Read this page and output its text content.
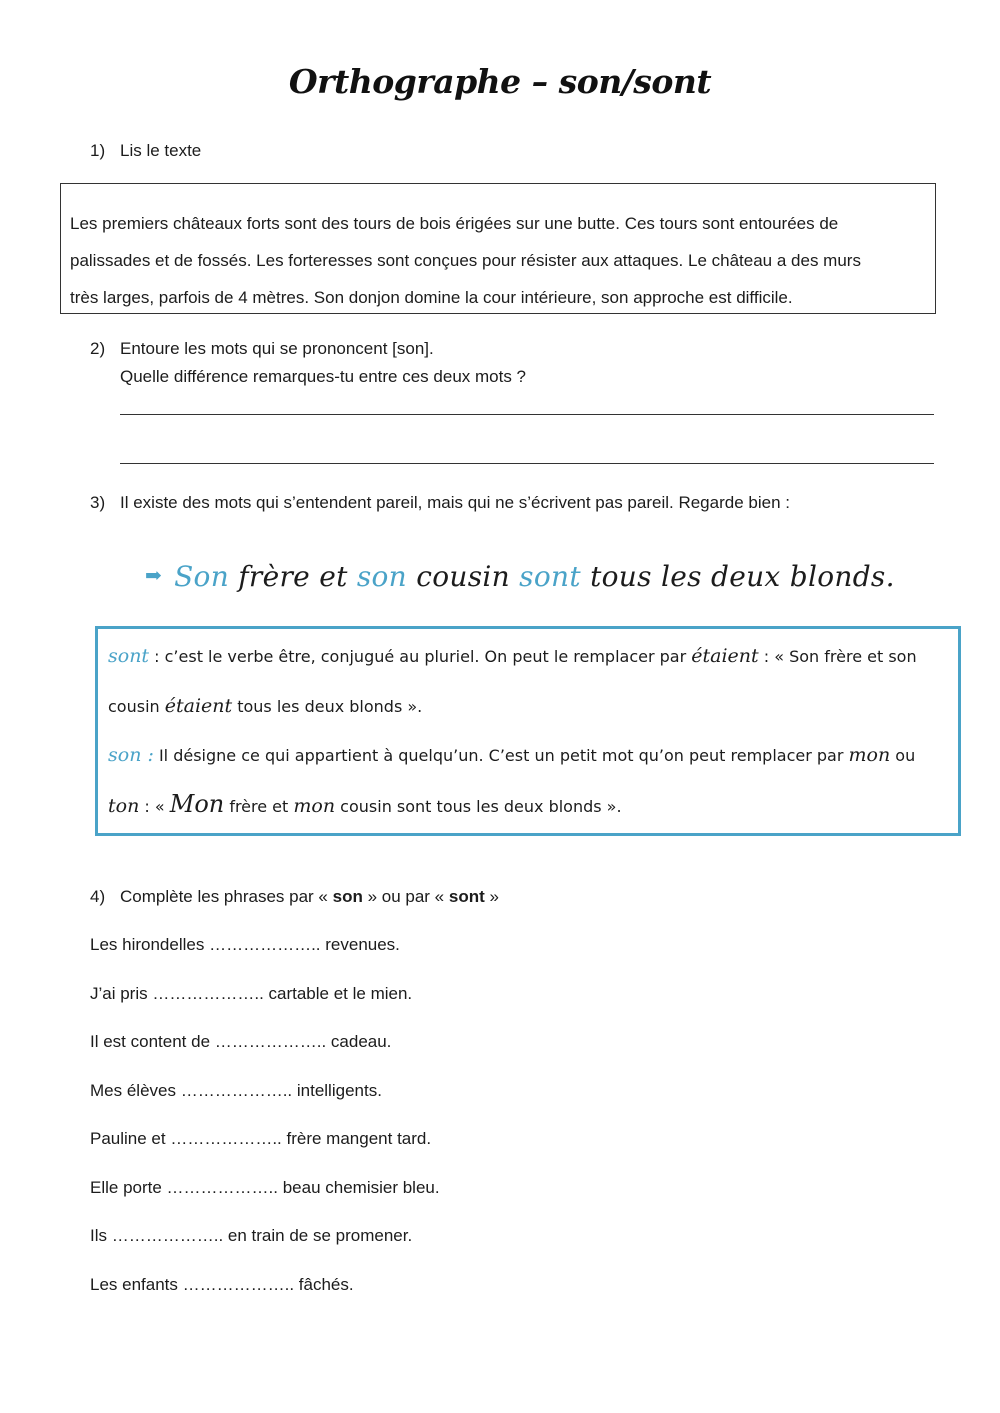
Orthographe – son/sont
1) Lis le texte

Les premiers châteaux forts sont des tours de bois érigées sur une butte. Ces tours sont entourées de

palissades et de fossés. Les forteresses sont conçues pour résister aux attaques. Le château a des murs

très larges, parfois de 4 mètres. Son donjon domine la cour intérieure, son approche est difficile.

2) Entoure les mots qui se prononcent [son].
Quelle différence remarques-tu entre ces deux mots ?
3) Il existe des mots qui s’entendent pareil, mais qui ne s’écrivent pas pareil. Regarde bien :
➡ Son frère et son cousin sont tous les deux blonds.
sont : c’est le verbe être, conjugué au pluriel. On peut le remplacer par étaient : « Son frère et son
cousin étaient tous les deux blonds ».
son : Il désigne ce qui appartient à quelqu’un. C’est un petit mot qu’on peut remplacer par mon ou
ton : « Mon frère et mon cousin sont tous les deux blonds ».
4) Complète les phrases par « son » ou par « sont »
Les hirondelles ……………….. revenues.
J’ai pris ……………….. cartable et le mien.
Il est content de ……………….. cadeau.
Mes élèves ……………….. intelligents.
Pauline et ……………….. frère mangent tard.
Elle porte ……………….. beau chemisier bleu.
Ils ……………….. en train de se promener.
Les enfants ……………….. fâchés.
